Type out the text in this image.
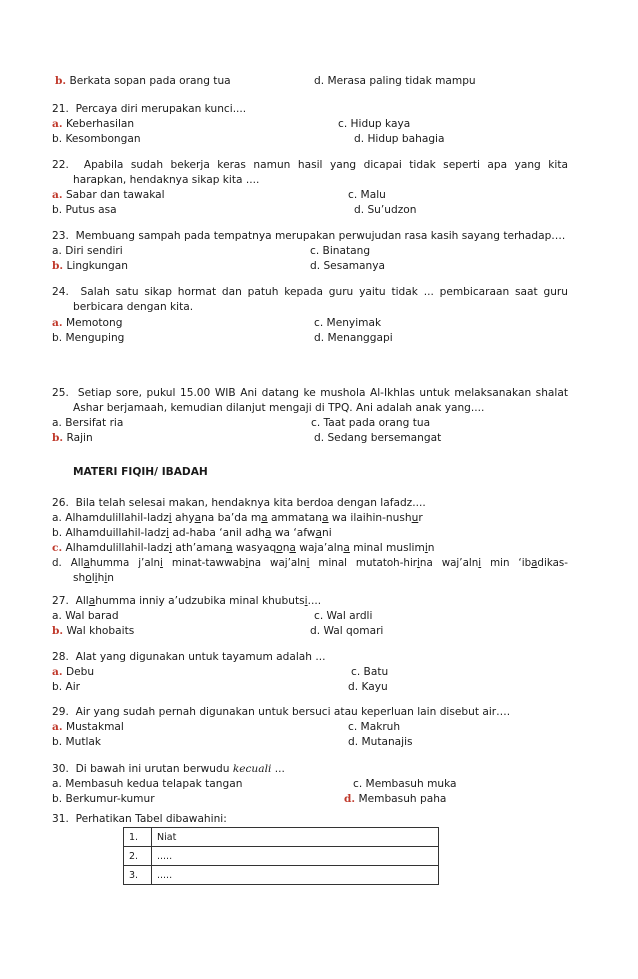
b. Berkata sopan pada orang tua	d. Merasa paling tidak mampu
21. Percaya diri merupakan kunci....
a. Keberhasilan	c. Hidup kaya
b. Kesombongan	d. Hidup bahagia
22. Apabila sudah bekerja keras namun hasil yang dicapai tidak seperti apa yang kita
harapkan, hendaknya sikap kita ....
a. Sabar dan tawakal	c. Malu
b. Putus asa	d. Su’udzon
23. Membuang sampah pada tempatnya merupakan perwujudan rasa kasih sayang terhadap….
a. Diri sendiri	c. Binatang
b. Lingkungan	d. Sesamanya
24. Salah satu sikap hormat dan patuh kepada guru yaitu tidak ... pembicaraan saat guru
berbicara dengan kita.
a. Memotong	c. Menyimak
b. Menguping	d. Menanggapi
25. Setiap sore, pukul 15.00 WIB Ani datang ke mushola Al-Ikhlas untuk melaksanakan shalat
Ashar berjamaah, kemudian dilanjut mengaji di TPQ. Ani adalah anak yang....
a. Bersifat ria	c. Taat pada orang tua
b. Rajin	d. Sedang bersemangat
MATERI FIQIH/ IBADAH
26. Bila telah selesai makan, hendaknya kita berdoa dengan lafadz....
a. Alhamdulillahil-ladzi ahyana ba’da ma ammatana wa ilaihin-nushur
b. Alhamduillahil-ladzi ad-haba ‘anil adha wa ‘afwani
c. Alhamdulillahil-ladzi ath’amana wasyaqona waja’alna minal muslimin
d. Allahumma j’alni minat-tawwabina waj’alni minal mutatoh-hirina waj’alni min ‘ibadikas-
sholihin
27. Allahumma inniy a’udzubika minal khubutsi....
a. Wal barad	c. Wal ardli
b. Wal khobaits	d. Wal qomari
28. Alat yang digunakan untuk tayamum adalah ...
a. Debu	c. Batu
b. Air	d. Kayu
29. Air yang sudah pernah digunakan untuk bersuci atau keperluan lain disebut air….
a. Mustakmal	c. Makruh
b. Mutlak	d. Mutanajis
30. Di bawah ini urutan berwudu kecuali ...
a. Membasuh kedua telapak tangan	c. Membasuh muka
b. Berkumur-kumur	d. Membasuh paha
31. Perhatikan Tabel dibawahini:
1.	Niat
2.	.....
3.	.....
